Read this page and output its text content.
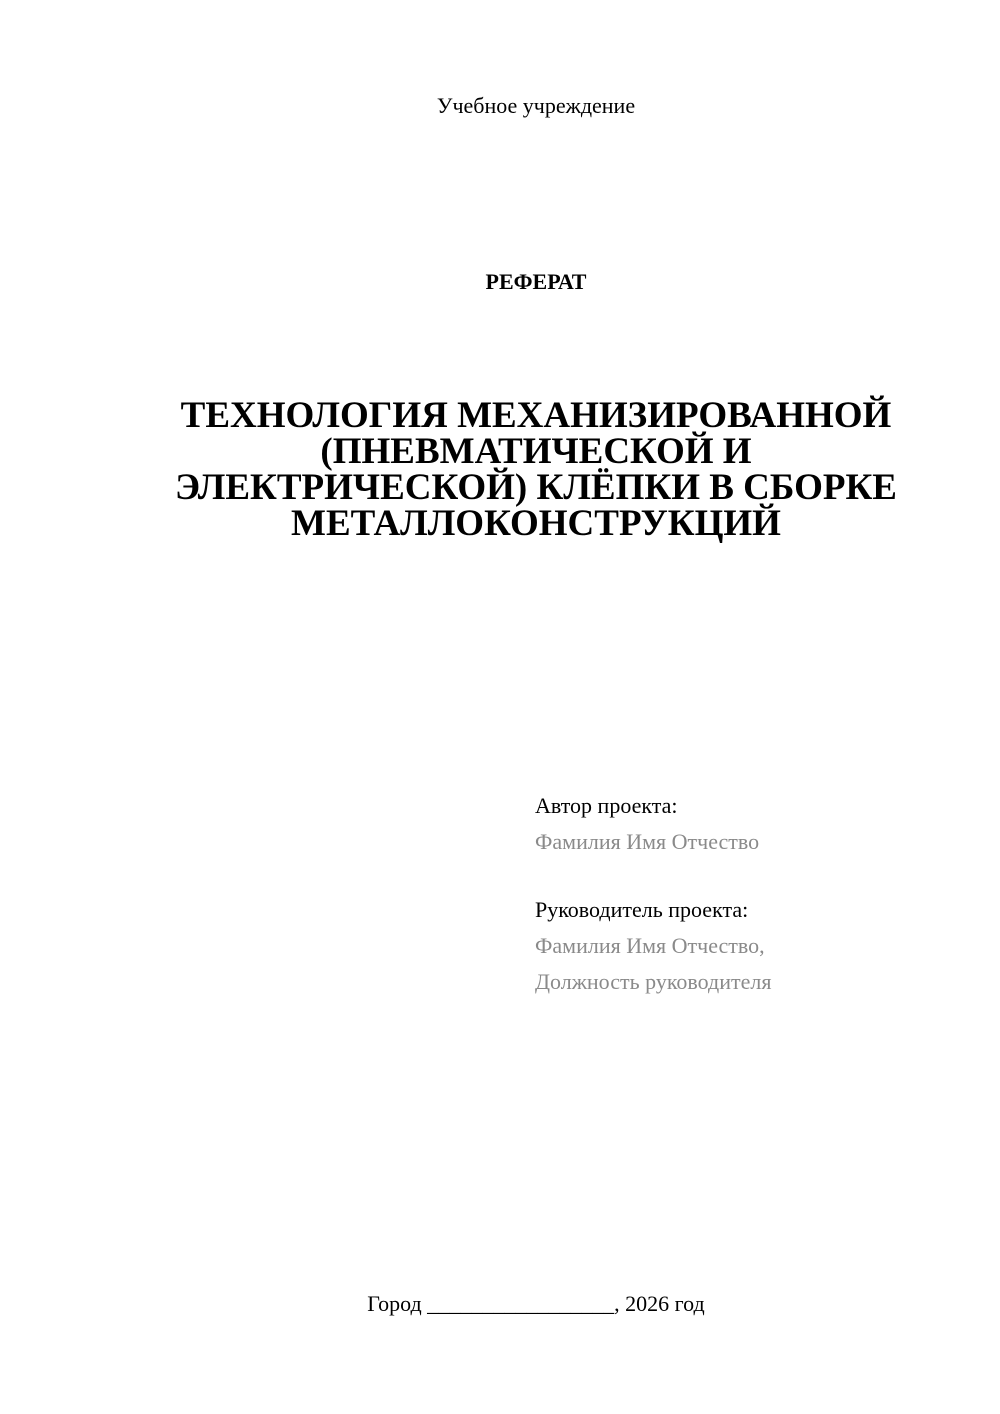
Учебное учреждение
РЕФЕРАТ
ТЕХНОЛОГИЯ МЕХАНИЗИРОВАННОЙ
(ПНЕВМАТИЧЕСКОЙ И
ЭЛЕКТРИЧЕСКОЙ) КЛЁПКИ В СБОРКЕ
МЕТАЛЛОКОНСТРУКЦИЙ
Автор проекта:
Фамилия Имя Отчество
Руководитель проекта:
Фамилия Имя Отчество,
Должность руководителя
Город _________________, 2026 год
